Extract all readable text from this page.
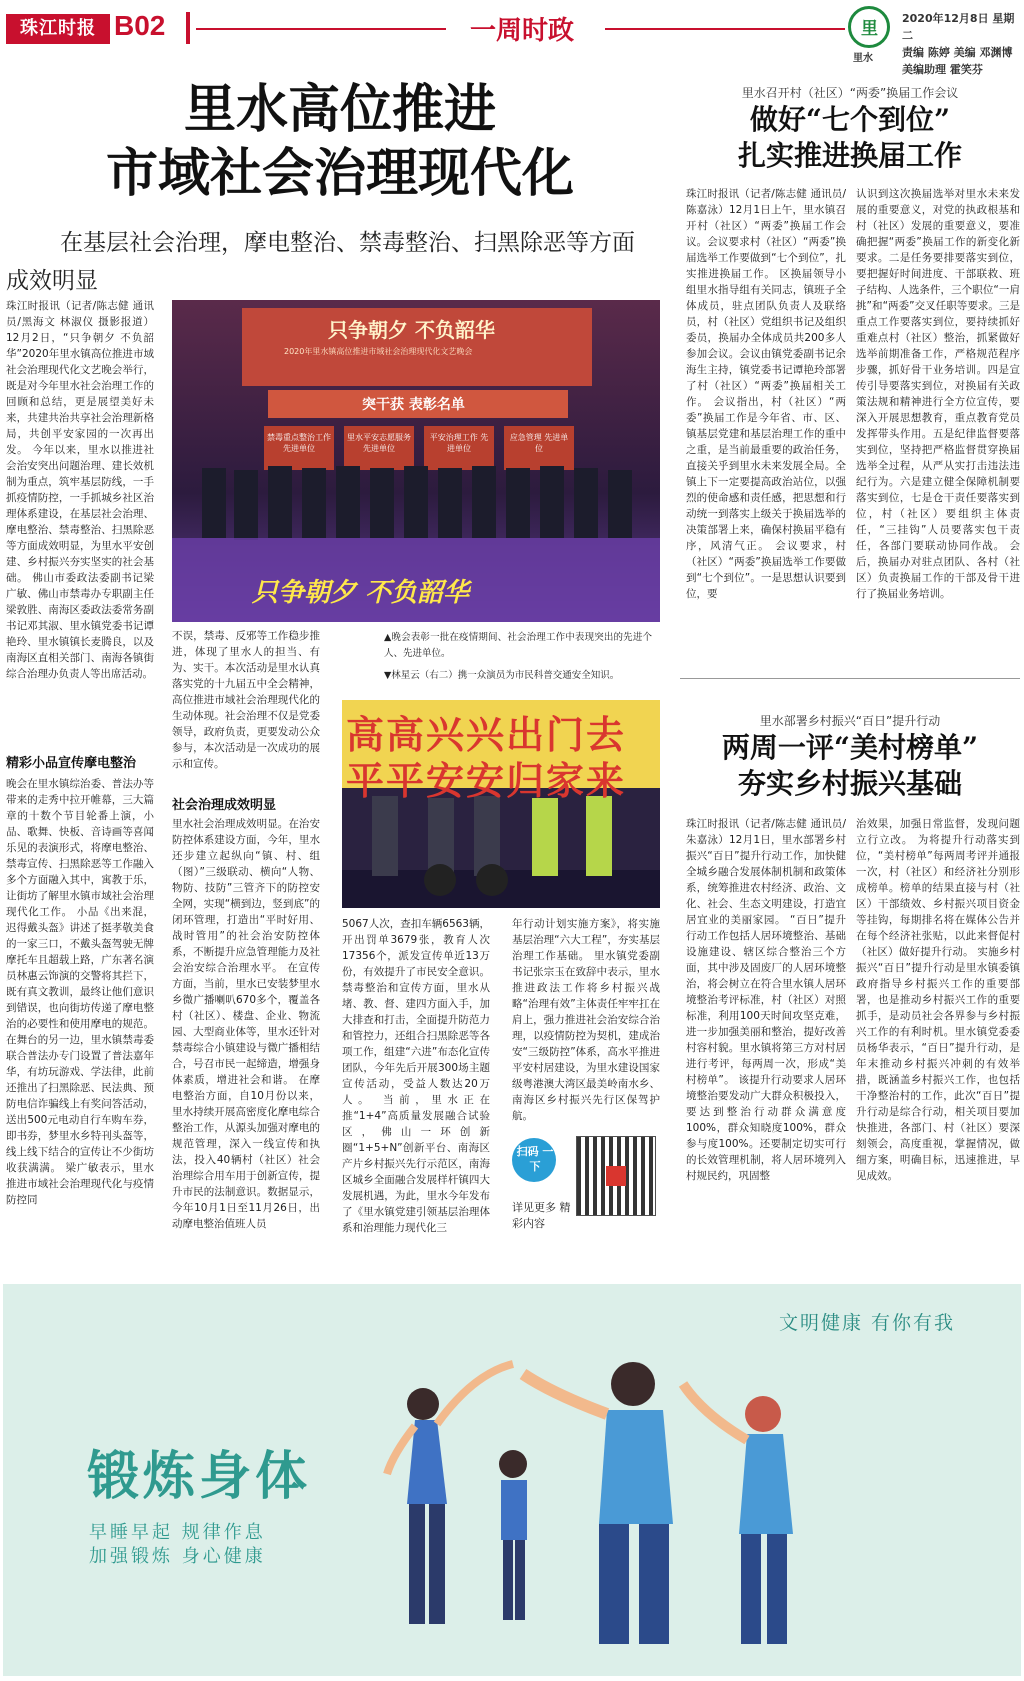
珠江时报 B02	一周时政	里
里水
2020年12月8日 星期二
责编 陈婷 美编 邓渊博
美编助理 霍笑芬
里水高位推进
市域社会治理现代化
在基层社会治理，摩电整治、禁毒整治、扫黑除恶等方面
成效明显
珠江时报讯（记者/陈志健 通讯员/黑海文 林淑仪 摄影报道）12月2日，“只争朝夕 不负韶华”2020年里水镇高位推进市域社会治理现代化文艺晚会举行，既是对今年里水社会治理工作的回顾和总结，更是展望美好未来，共建共治共享社会治理新格局，共创平安家园的一次再出发。 今年以来，里水以推进社会治安突出问题治理、建长效机制为重点，筑牢基层防线，一手抓疫情防控，一手抓城乡社区治理体系建设，在基层社会治理、摩电整治、禁毒整治、扫黑除恶等方面成效明显，为里水平安创建、乡村振兴夯实坚实的社会基础。 佛山市委政法委副书记梁广敏、佛山市禁毒办专职副主任梁敦胜、南海区委政法委常务副书记邓其淑、里水镇党委书记谭艳玲、里水镇镇长麦腾良，以及南海区直相关部门、南海各镇街综合治理办负责人等出席活动。
精彩小品宣传摩电整治
晚会在里水镇综治委、普法办等带来的走秀中拉开帷幕，三大篇章的十数个节目轮番上演，小品、歌舞、快板、音诗画等喜闻乐见的表演形式，将摩电整治、禁毒宣传、扫黑除恶等工作融入多个方面融入其中，寓教于乐，让街坊了解里水镇市域社会治理现代化工作。 小品《出来混，迟得戴头盔》讲述了挺孝敬美食的一家三口，不戴头盔驾驶无牌摩托车且超载上路，广东著名演员林惠云饰演的交警将其拦下，既有真文教训，最终让他们意识到错误，也向街坊传递了摩电整治的必要性和使用摩电的规范。 在舞台的另一边，里水镇禁毒委联合普法办专门设置了普法嘉年华，有坊玩游戏、学法律，此前还推出了扫黑除恶、民法典、预防电信诈骗线上有奖问答活动，送出500元电动自行车购车券，即书券，梦里水乡特刊头盔等，线上线下结合的宣传让不少街坊收获满满。 梁广敏表示，里水推进市域社会治理现代化与疫情防控同
只争朝夕 不负韶华
2020年里水镇高位推进市域社会治理现代化文艺晚会
突干获 表彰名单
禁毒重点整治工作 先进单位
里水平安志愿服务 先进单位
平安治理工作 先进单位
应急管理 先进单位
只争朝夕 不负韶华
不误，禁毒、反邪等工作稳步推进，体现了里水人的担当、有为、实干。本次活动是里水认真落实党的十九届五中全会精神，高位推进市域社会治理现代化的生动体现。社会治理不仅是党委领导，政府负责，更要发动公众参与，本次活动是一次成功的展示和宣传。
社会治理成效明显
里水社会治理成效明显。在治安防控体系建设方面，今年，里水还步建立起纵向“镇、村、组（图）”三级联动、横向“人物、物防、技防”三管齐下的防控安全网，实现“横到边，竖到底”的闭环管理，打造出“平时好用、战时管用”的社会治安防控体系，不断提升应急管理能力及社会治安综合治理水平。 在宣传方面，当前，里水已安装梦里水乡微广播喇叭670多个，覆盖各村（社区）、楼盘、企业、物流园、大型商业体等，里水还针对禁毒综合小镇建设与微广播相结合，号召市民一起缔造，增强身体素质，增进社会和谐。 在摩电整治方面，自10月份以来，里水持续开展高密度化摩电综合整治工作，从源头加强对摩电的规范管理，深入一线宣传和执法，投入40辆村（社区）社会治理综合用车用于创新宣传，提升市民的法制意识。数据显示，今年10月1日至11月26日，出动摩电整治值班人员
▲晚会表彰一批在疫情期间、社会治理工作中表现突出的先进个人、先进单位。
▼林星云（右二）携一众演员为市民科普交通安全知识。
高高兴兴出门去
平平安安归家来
5067人次，查扣车辆6563辆，开出罚单3679张，教育人次17356个，派发宣传单近13万份，有效提升了市民安全意识。 禁毒整治和宣传方面，里水从堵、教、督、建四方面入手，加大排查和打击，全面提升防范力和管控力，还组合扫黑除恶等各项工作，组建“六进”布态化宣传团队，今年先后开展300场主题宣传活动，受益人数达20万人。 当前，里水正在推“1+4”高质量发展融合试验区，佛山一环创新圈“1+5+N”创新平台、南海区产片乡村振兴先行示范区，南海区城乡全面融合发展样杆镇四大发展机遇，为此，里水今年发布了《里水镇党建引领基层治理体系和治理能力现代化三
年行动计划实施方案》，将实施基层治理“六大工程”，夯实基层治理工作基础。 里水镇党委副书记张宗玉在致辞中表示，里水推进政法工作将乡村振兴战略“治理有效”主体责任牢牢扛在肩上，强力推进社会治安综合治理，以疫情防控为契机，建成治安“三级防控”体系，高水平推进平安村居建设，为里水建设国家级粤港澳大湾区最美岭南水乡、南海区乡村振兴先行区保驾护航。
扫码 一下
详见更多 精彩内容
里水召开村（社区）“两委”换届工作会议
做好“七个到位”
扎实推进换届工作
珠江时报讯（记者/陈志健 通讯员/陈嘉泳）12月1日上午，里水镇召开村（社区）“两委”换届工作会议。会议要求村（社区）“两委”换届选举工作要做到“七个到位”，扎实推进换届工作。 区换届领导小组里水指导组有关同志，镇班子全体成员，驻点团队负责人及联络员，村（社区）党组织书记及组织委员，换届办全体成员共200多人参加会议。会议由镇党委副书记余海生主持，镇党委书记谭艳玲部署了村（社区）“两委”换届相关工作。 会议指出，村（社区）“两委”换届工作是今年省、市、区、镇基层党建和基层治理工作的重中之重，是当前最重要的政治任务，直接关乎到里水未来发展全局。全镇上下一定要提高政治站位，以强烈的使命感和责任感，把思想和行动统一到落实上级关于换届选举的决策部署上来，确保村换届平稳有序，风清气正。 会议要求，村（社区）“两委”换届选举工作要做到“七个到位”。一是思想认识要到位，要
认识到这次换届选举对里水未来发展的重要意义，对党的执政根基和村（社区）发展的重要意义，要准确把握“两委”换届工作的新变化新要求。二是任务要排要落实到位，要把握好时间进度、干部联救、班子结构、人选条件，三个职位“一肩挑”和“两委”交叉任职等要求。三是重点工作要落实到位，要持续抓好重难点村（社区）整治，抓紧做好选举前期准备工作，严格规范程序步骤，抓好骨干业务培训。四是宣传引导要落实到位，对换届有关政策法规和精神进行全方位宣传，要深入开展思想教育，重点教育党员发挥带头作用。五是纪律监督要落实到位，坚持把严格监督贯穿换届选举全过程，从严从实打击违法违纪行为。六是建立健全保障机制要落实到位，七是仓干责任要落实到位，村（社区）要组织主体责任，“三挂钩”人员要落实包干责任，各部门要联动协同作战。 会后，换届办对驻点团队、各村（社区）负责换届工作的干部及骨干进行了换届业务培训。
里水部署乡村振兴“百日”提升行动
两周一评“美村榜单”
夯实乡村振兴基础
珠江时报讯（记者/陈志健 通讯员/朱嘉泳）12月1日，里水部署乡村振兴“百日”提升行动工作，加快健全城乡融合发展体制机制和政策体系，统筹推进农村经济、政治、文化、社会、生态文明建设，打造宜居宜业的美丽家园。 “百日”提升行动工作包括人居环境整治、基础设施建设、辖区综合整治三个方面，其中涉及固废厂的人居环境整治，将会树立在符合里水镇人居环境整治考评标准，村（社区）对照标准，利用100天时间攻坚克难，进一步加强美丽和整治，提好改善村容村貌。里水镇将第三方对村居进行考评，每两周一次，形成“美村榜单”。 该提升行动要求人居环境整治要发动广大群众积极投入，要达到整治行动群众满意度100%，群众知晓度100%，群众参与度100%。还要制定切实可行的长效管理机制，将人居环境列入村规民约，巩固整
治效果，加强日常监督，发现问题立行立改。 为将提升行动落实到位，“美村榜单”每两周考评并通报一次，村（社区）和经济社分别形成榜单。榜单的结果直接与村（社区）干部绩效、乡村振兴项目资金等挂钩，每期排名将在媒体公告并在每个经济社张贴，以此来督促村（社区）做好提升行动。 实施乡村振兴“百日”提升行动是里水镇委镇政府指导乡村振兴工作的重要部署，也是推动乡村振兴工作的重要抓手，是动员社会各界参与乡村振兴工作的有利时机。里水镇党委委员杨华表示，“百日”提升行动，是年末推动乡村振兴冲刺的有效举措，既涵盖乡村振兴工作，也包括干净整治村的工作，此次“百日”提升行动是综合行动，相关项目要加快推进，各部门、村（社区）要深刻领会，高度重视，掌握情况，做细方案，明确目标，迅速推进，早见成效。
文明健康 有你有我
锻炼身体
早睡早起 规律作息
加强锻炼 身心健康
